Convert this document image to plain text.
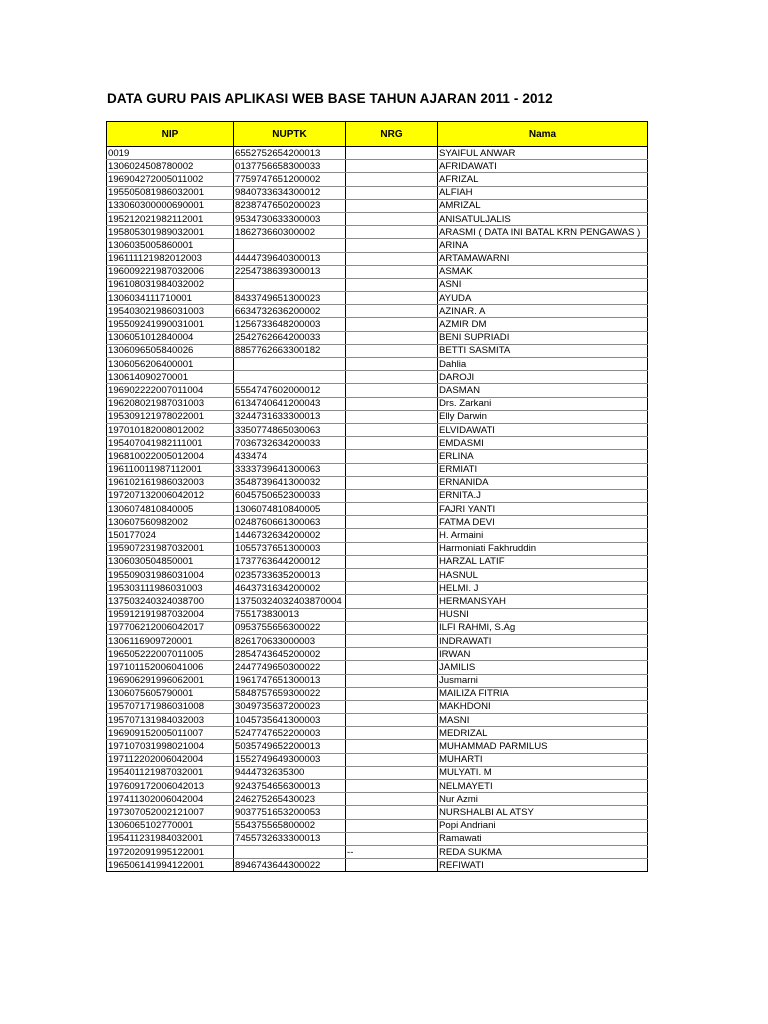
DATA GURU PAIS APLIKASI WEB BASE TAHUN AJARAN 2011 - 2012
NIP	NUPTK	NRG	Nama
0019	6552752654200013		SYAIFUL ANWAR
1306024508780002	0137756658300033		AFRIDAWATI
196904272005011002	7759747651200002		AFRIZAL
195505081986032001	9840733634300012		ALFIAH
133060300000690001	8238747650200023		AMRIZAL
195212021982112001	9534730633300003		ANISATULJALIS
195805301989032001	186273660300002		ARASMI ( DATA INI BATAL KRN PENGAWAS )
1306035005860001			ARINA
196111121982012003	4444739640300013		ARTAMAWARNI
196009221987032006	2254738639300013		ASMAK
196108031984032002			ASNI
1306034111710001	8433749651300023		AYUDA
195403021986031003	6634732636200002		AZINAR. A
195509241990031001	1256733648200003		AZMIR DM
1306051012840004	2542762664200033		BENI SUPRIADI
1306096505840026	8857762663300182		BETTI SASMITA
1306056206400001			Dahlia
130614090270001			DAROJI
196902222007011004	5554747602000012		DASMAN
196208021987031003	6134740641200043		Drs. Zarkani
195309121978022001	3244731633300013		Elly Darwin
197010182008012002	3350774865030063		ELVIDAWATI
195407041982111001	7036732634200033		EMDASMI
196810022005012004	433474		ERLINA
196110011987112001	3333739641300063		ERMIATI
196102161986032003	3548739641300032		ERNANIDA
197207132006042012	6045750652300033		ERNITA.J
1306074810840005	1306074810840005		FAJRI YANTI
130607560982002	0248760661300063		FATMA DEVI
150177024	1446732634200002		H. Armaini
195907231987032001	1055737651300003		Harmoniati Fakhruddin
1306030504850001	1737763644200012		HARZAL LATIF
195509031986031004	0235733635200013		HASNUL
195303111986031003	4643731634200002		HELMI. J
137503240324038700	13750324032403870004		HERMANSYAH
195912191987032004	755173830013		HUSNI
197706212006042017	0953755656300022		ILFI RAHMI, S.Ag
1306116909720001	826170633000003		INDRAWATI
196505222007011005	2854743645200002		IRWAN
197101152006041006	2447749650300022		JAMILIS
196906291996062001	1961747651300013		Jusmarni
1306075605790001	5848757659300022		MAILIZA FITRIA
195707171986031008	3049735637200023		MAKHDONI
195707131984032003	1045735641300003		MASNI
196909152005011007	5247747652200003		MEDRIZAL
197107031998021004	5035749652200013		MUHAMMAD PARMILUS
197112202006042004	1552749649300003		MUHARTI
195401121987032001	9444732635300		MULYATI. M
197609172006042013	9243754656300013		NELMAYETI
197411302006042004	246275265430023		Nur Azmi
197307052002121007	9037751653200053		NURSHALBI AL ATSY
1306065102770001	554375565800002		Popi Andriani
195411231984032001	7455732633300013		Ramawati
197202091995122001		--	REDA SUKMA
196506141994122001	8946743644300022		REFIWATI
